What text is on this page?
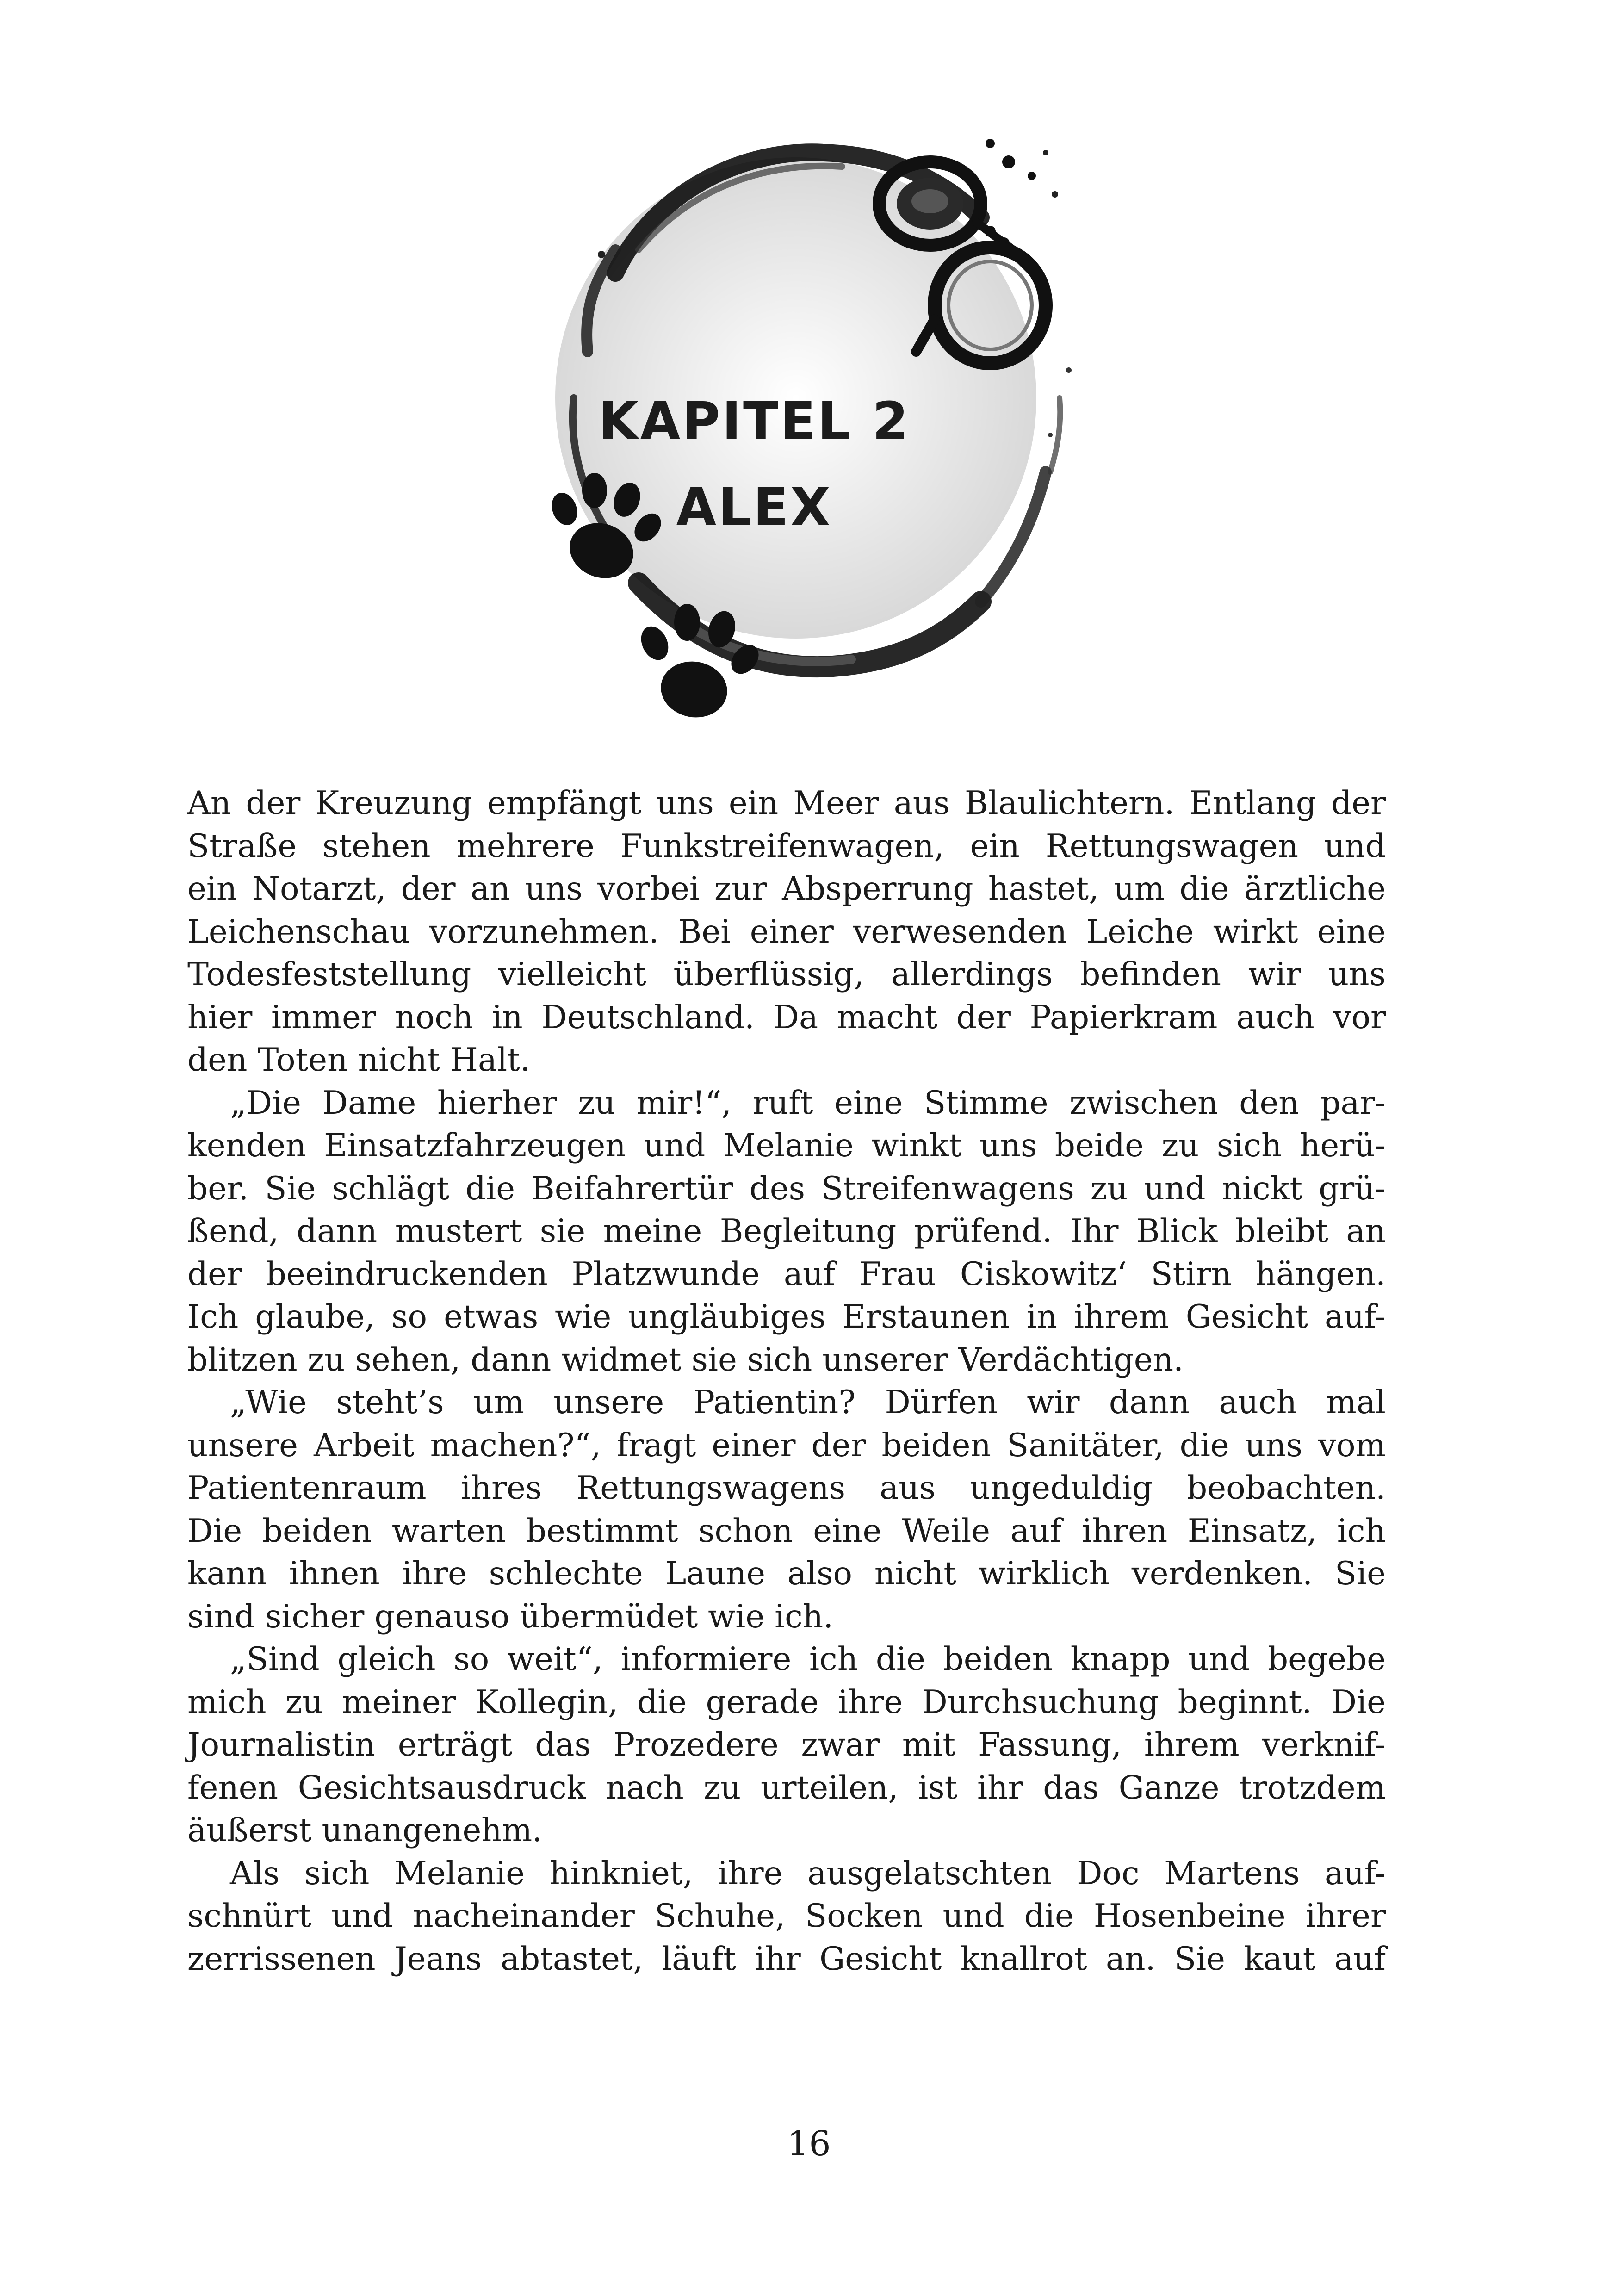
KAPITEL 2
ALEX
An der Kreuzung empfängt uns ein Meer aus Blaulichtern. Entlang der
Straße stehen mehrere Funkstreifenwagen, ein Rettungswagen und
ein Notarzt, der an uns vorbei zur Absperrung hastet, um die ärztliche
Leichenschau vorzunehmen. Bei einer verwesenden Leiche wirkt eine
Todesfeststellung vielleicht überflüssig, allerdings befinden wir uns
hier immer noch in Deutschland. Da macht der Papierkram auch vor
den Toten nicht Halt.
„Die Dame hierher zu mir!“, ruft eine Stimme zwischen den par-
kenden Einsatzfahrzeugen und Melanie winkt uns beide zu sich herü-
ber. Sie schlägt die Beifahrertür des Streifenwagens zu und nickt grü-
ßend, dann mustert sie meine Begleitung prüfend. Ihr Blick bleibt an
der beeindruckenden Platzwunde auf Frau Ciskowitz‘ Stirn hängen.
Ich glaube, so etwas wie ungläubiges Erstaunen in ihrem Gesicht auf-
blitzen zu sehen, dann widmet sie sich unserer Verdächtigen.
„Wie steht’s um unsere Patientin? Dürfen wir dann auch mal
unsere Arbeit machen?“, fragt einer der beiden Sanitäter, die uns vom
Patientenraum ihres Rettungswagens aus ungeduldig beobachten.
Die beiden warten bestimmt schon eine Weile auf ihren Einsatz, ich
kann ihnen ihre schlechte Laune also nicht wirklich verdenken. Sie
sind sicher genauso übermüdet wie ich.
„Sind gleich so weit“, informiere ich die beiden knapp und begebe
mich zu meiner Kollegin, die gerade ihre Durchsuchung beginnt. Die
Journalistin erträgt das Prozedere zwar mit Fassung, ihrem verknif-
fenen Gesichtsausdruck nach zu urteilen, ist ihr das Ganze trotzdem
äußerst unangenehm.
Als sich Melanie hinkniet, ihre ausgelatschten Doc Martens auf-
schnürt und nacheinander Schuhe, Socken und die Hosenbeine ihrer
zerrissenen Jeans abtastet, läuft ihr Gesicht knallrot an. Sie kaut auf
16
